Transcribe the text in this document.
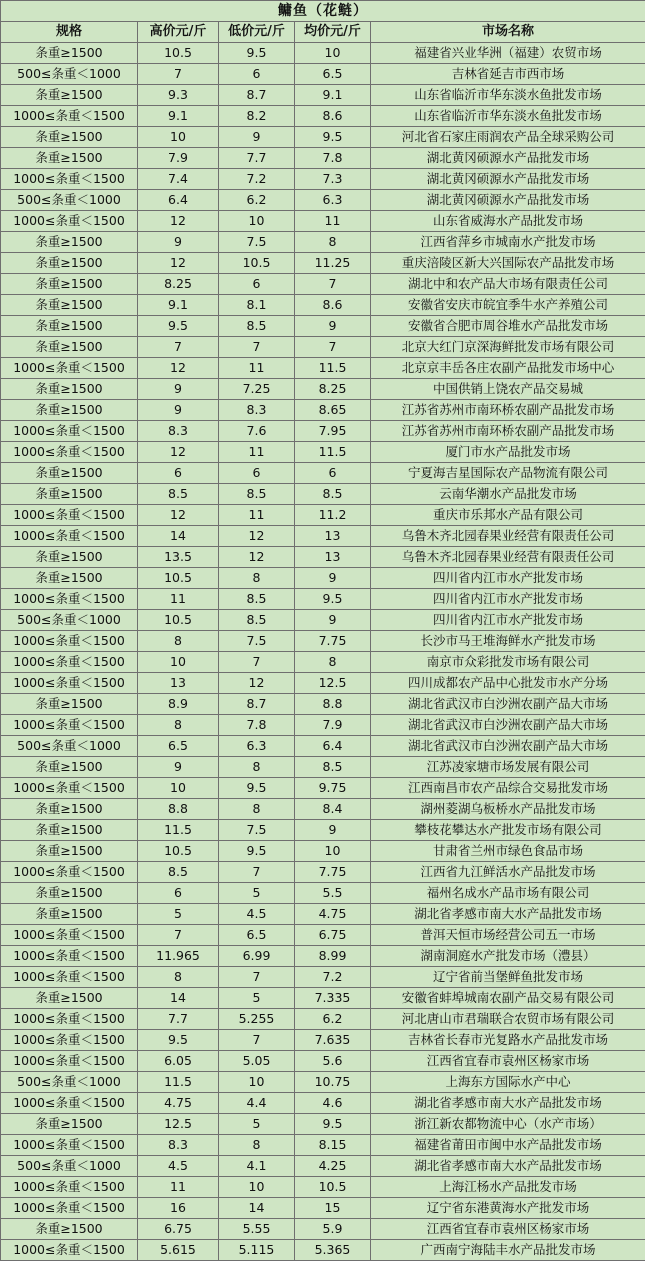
鳙鱼（花鲢）				
规格	高价元/斤	低价元/斤	均价元/斤	市场名称
条重≥1500	10.5	9.5	10	福建省兴业华洲（福建）农贸市场
500≤条重＜1000	7	6	6.5	吉林省延吉市西市场
条重≥1500	9.3	8.7	9.1	山东省临沂市华东淡水鱼批发市场
1000≤条重＜1500	9.1	8.2	8.6	山东省临沂市华东淡水鱼批发市场
条重≥1500	10	9	9.5	河北省石家庄雨润农产品全球采购公司
条重≥1500	7.9	7.7	7.8	湖北黄冈硕源水产品批发市场
1000≤条重＜1500	7.4	7.2	7.3	湖北黄冈硕源水产品批发市场
500≤条重＜1000	6.4	6.2	6.3	湖北黄冈硕源水产品批发市场
1000≤条重＜1500	12	10	11	山东省威海水产品批发市场
条重≥1500	9	7.5	8	江西省萍乡市城南水产批发市场
条重≥1500	12	10.5	11.25	重庆涪陵区新大兴国际农产品批发市场
条重≥1500	8.25	6	7	湖北中和农产品大市场有限责任公司
条重≥1500	9.1	8.1	8.6	安徽省安庆市皖宜季牛水产养殖公司
条重≥1500	9.5	8.5	9	安徽省合肥市周谷堆水产品批发市场
条重≥1500	7	7	7	北京大红门京深海鲜批发市场有限公司
1000≤条重＜1500	12	11	11.5	北京京丰岳各庄农副产品批发市场中心
条重≥1500	9	7.25	8.25	中国供销上饶农产品交易城
条重≥1500	9	8.3	8.65	江苏省苏州市南环桥农副产品批发市场
1000≤条重＜1500	8.3	7.6	7.95	江苏省苏州市南环桥农副产品批发市场
1000≤条重＜1500	12	11	11.5	厦门市水产品批发市场
条重≥1500	6	6	6	宁夏海吉星国际农产品物流有限公司
条重≥1500	8.5	8.5	8.5	云南华潮水产品批发市场
1000≤条重＜1500	12	11	11.2	重庆市乐邦水产品有限公司
1000≤条重＜1500	14	12	13	乌鲁木齐北园春果业经营有限责任公司
条重≥1500	13.5	12	13	乌鲁木齐北园春果业经营有限责任公司
条重≥1500	10.5	8	9	四川省内江市水产批发市场
1000≤条重＜1500	11	8.5	9.5	四川省内江市水产批发市场
500≤条重＜1000	10.5	8.5	9	四川省内江市水产批发市场
1000≤条重＜1500	8	7.5	7.75	长沙市马王堆海鲜水产批发市场
1000≤条重＜1500	10	7	8	南京市众彩批发市场有限公司
1000≤条重＜1500	13	12	12.5	四川成都农产品中心批发市水产分场
条重≥1500	8.9	8.7	8.8	湖北省武汉市白沙洲农副产品大市场
1000≤条重＜1500	8	7.8	7.9	湖北省武汉市白沙洲农副产品大市场
500≤条重＜1000	6.5	6.3	6.4	湖北省武汉市白沙洲农副产品大市场
条重≥1500	9	8	8.5	江苏凌家塘市场发展有限公司
1000≤条重＜1500	10	9.5	9.75	江西南昌市农产品综合交易批发市场
条重≥1500	8.8	8	8.4	湖州菱湖乌板桥水产品批发市场
条重≥1500	11.5	7.5	9	攀枝花攀达水产批发市场有限公司
条重≥1500	10.5	9.5	10	甘肃省兰州市绿色食品市场
1000≤条重＜1500	8.5	7	7.75	江西省九江鲜活水产品批发市场
条重≥1500	6	5	5.5	福州名成水产品市场有限公司
条重≥1500	5	4.5	4.75	湖北省孝感市南大水产品批发市场
1000≤条重＜1500	7	6.5	6.75	普洱天恒市场经营公司五一市场
1000≤条重＜1500	11.965	6.99	8.99	湖南洞庭水产批发市场（澧县）
1000≤条重＜1500	8	7	7.2	辽宁省前当堡鲜鱼批发市场
条重≥1500	14	5	7.335	安徽省蚌埠城南农副产品交易有限公司
1000≤条重＜1500	7.7	5.255	6.2	河北唐山市君瑞联合农贸市场有限公司
1000≤条重＜1500	9.5	7	7.635	吉林省长春市光复路水产品批发市场
1000≤条重＜1500	6.05	5.05	5.6	江西省宜春市袁州区杨家市场
500≤条重＜1000	11.5	10	10.75	上海东方国际水产中心
1000≤条重＜1500	4.75	4.4	4.6	湖北省孝感市南大水产品批发市场
条重≥1500	12.5	5	9.5	浙江新农都物流中心（水产市场）
1000≤条重＜1500	8.3	8	8.15	福建省莆田市闽中水产品批发市场
500≤条重＜1000	4.5	4.1	4.25	湖北省孝感市南大水产品批发市场
1000≤条重＜1500	11	10	10.5	上海江杨水产品批发市场
1000≤条重＜1500	16	14	15	辽宁省东港黄海水产批发市场
条重≥1500	6.75	5.55	5.9	江西省宜春市袁州区杨家市场
1000≤条重＜1500	5.615	5.115	5.365	广西南宁海陆丰水产品批发市场
